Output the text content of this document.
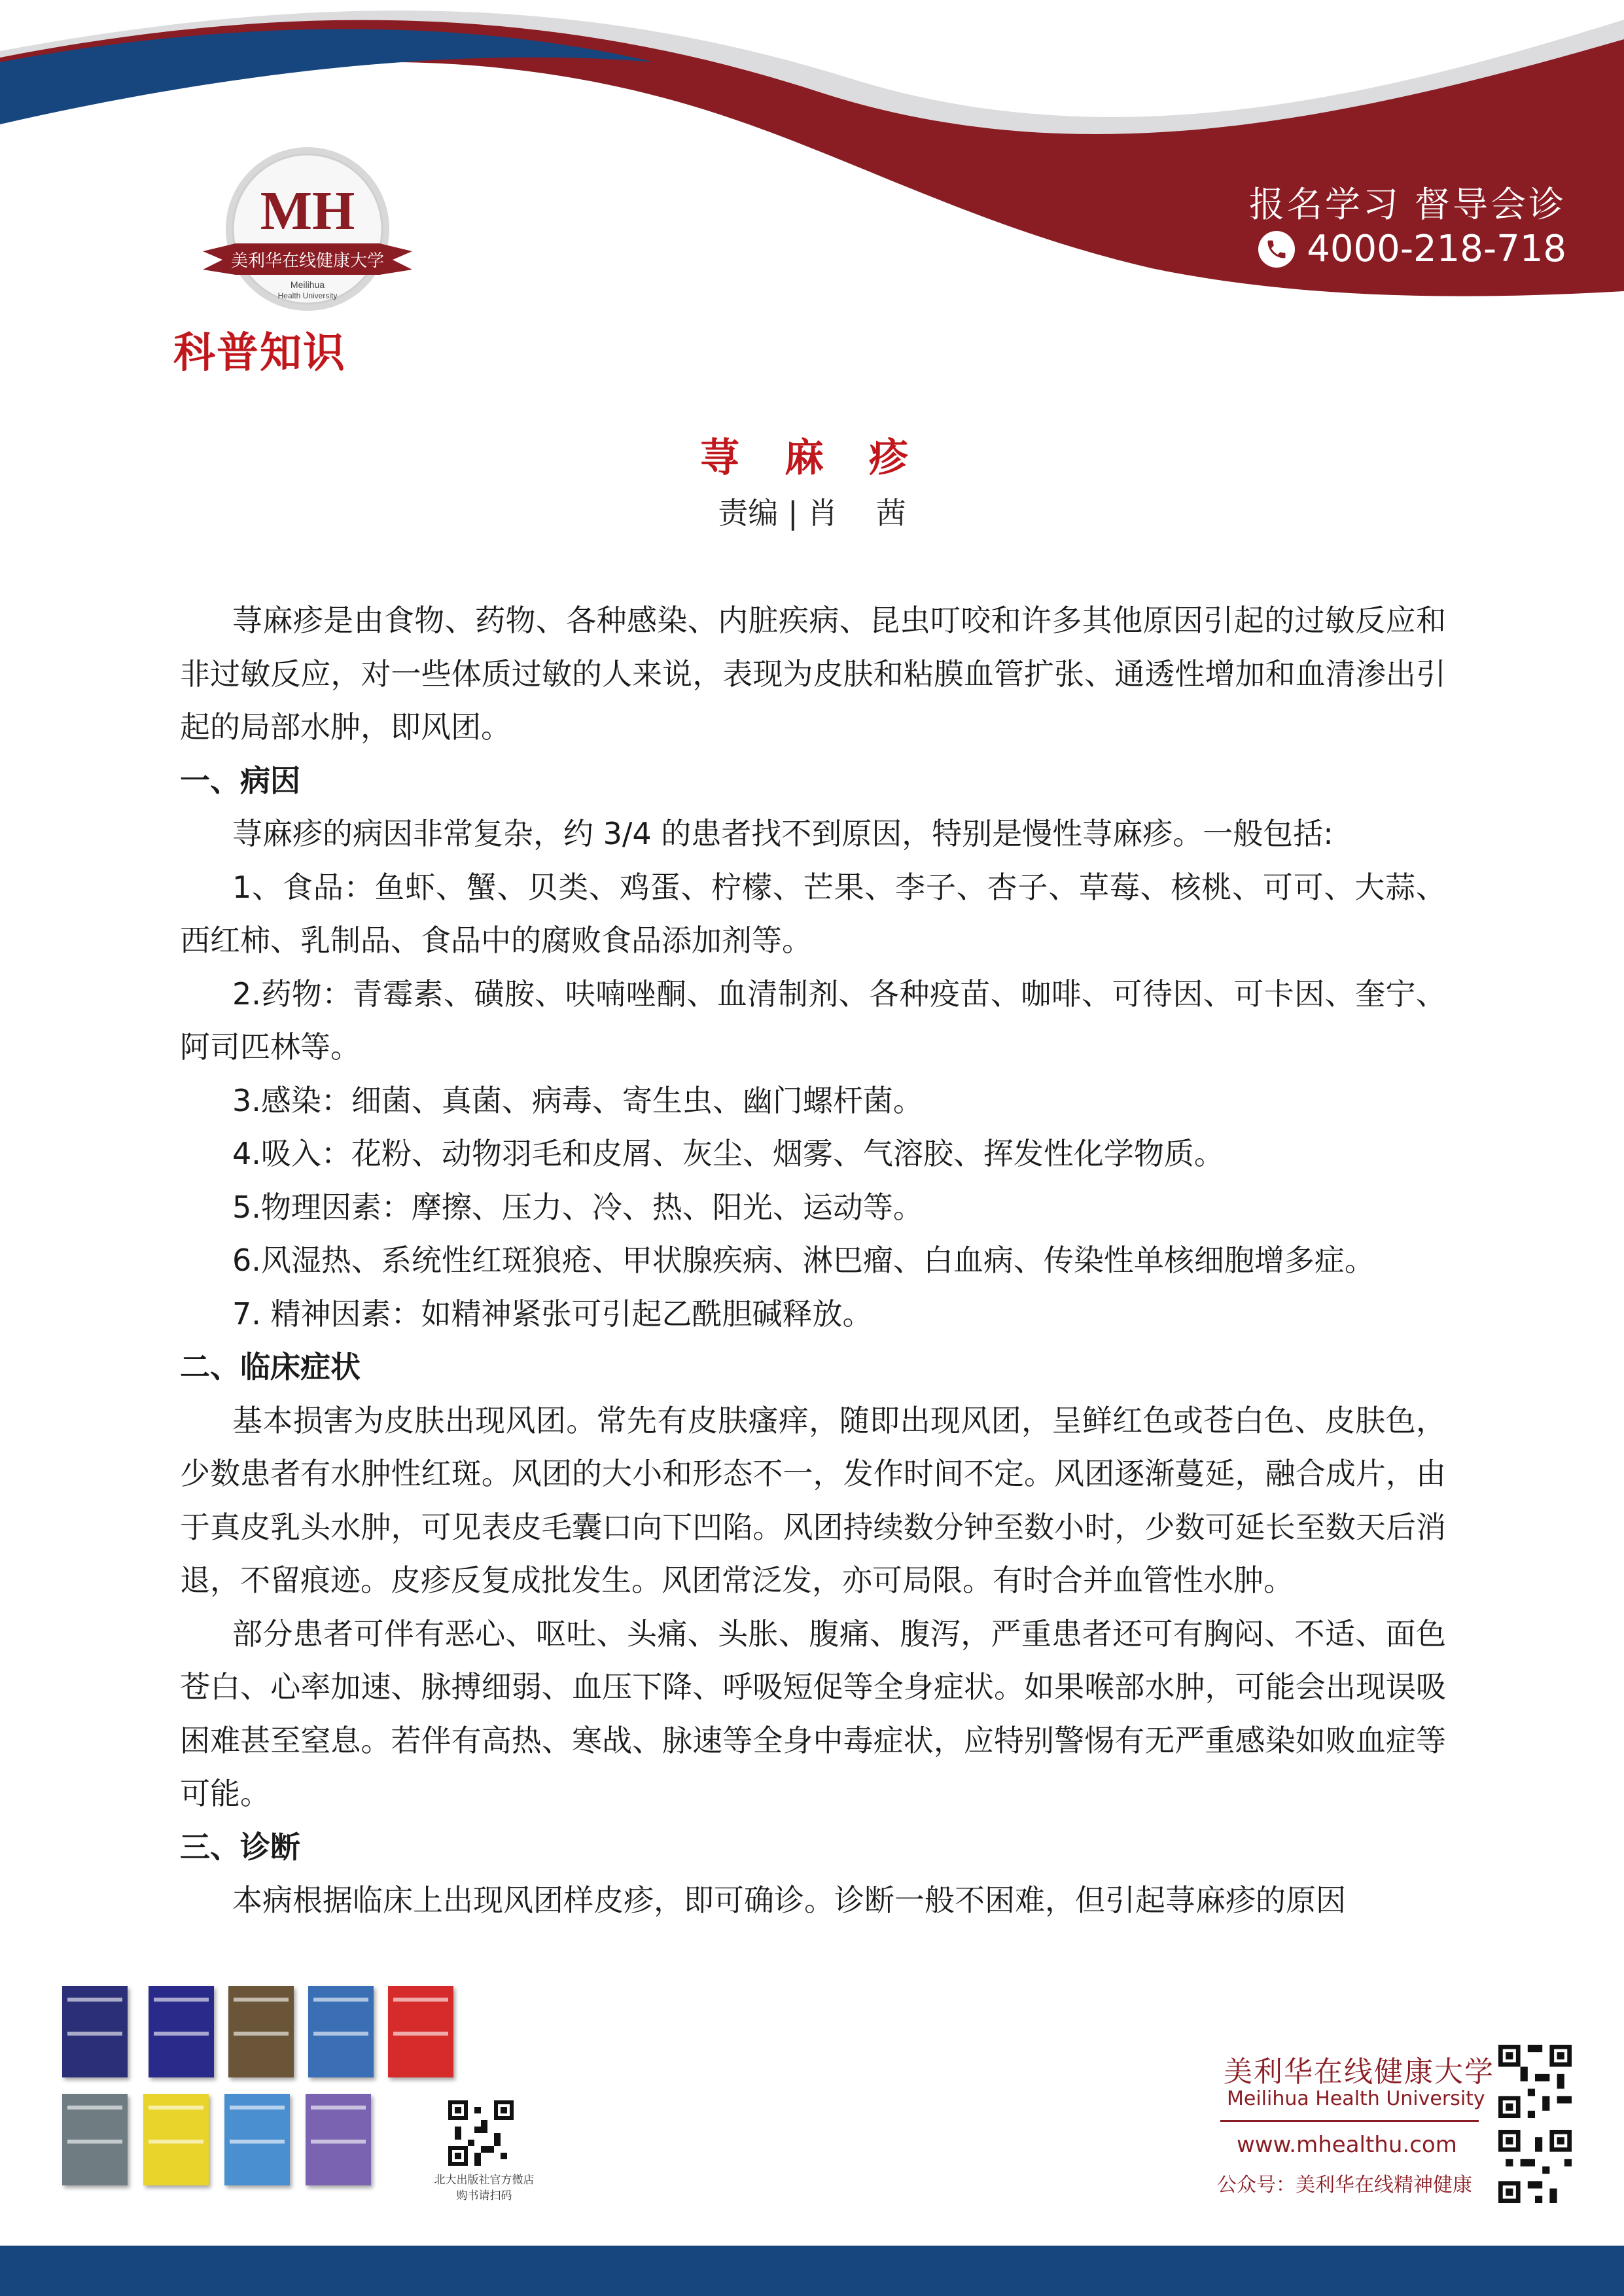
MH
美利华在线健康大学
Meilihua
Health University
报名学习 督导会诊
4000-218-718
科普知识
荨 麻 疹
责编 | 肖    茜

荨麻疹是由食物、药物、各种感染、内脏疾病、昆虫叮咬和许多其他原因引起的过敏反应和非过敏反应，对一些体质过敏的人来说，表现为皮肤和粘膜血管扩张、通透性增加和血清渗出引起的局部水肿，即风团。

一、病因

荨麻疹的病因非常复杂，约 3/4 的患者找不到原因，特别是慢性荨麻疹。一般包括:

1、食品：鱼虾、蟹、贝类、鸡蛋、柠檬、芒果、李子、杏子、草莓、核桃、可可、大蒜、西红柿、乳制品、食品中的腐败食品添加剂等。

2.药物：青霉素、磺胺、呋喃唑酮、血清制剂、各种疫苗、咖啡、可待因、可卡因、奎宁、阿司匹林等。

3.感染：细菌、真菌、病毒、寄生虫、幽门螺杆菌。

4.吸入：花粉、动物羽毛和皮屑、灰尘、烟雾、气溶胶、挥发性化学物质。

5.物理因素：摩擦、压力、冷、热、阳光、运动等。

6.风湿热、系统性红斑狼疮、甲状腺疾病、淋巴瘤、白血病、传染性单核细胞增多症。

7. 精神因素：如精神紧张可引起乙酰胆碱释放。

二、临床症状

基本损害为皮肤出现风团。常先有皮肤瘙痒，随即出现风团，呈鲜红色或苍白色、皮肤色，少数患者有水肿性红斑。风团的大小和形态不一，发作时间不定。风团逐渐蔓延，融合成片，由于真皮乳头水肿，可见表皮毛囊口向下凹陷。风团持续数分钟至数小时，少数可延长至数天后消退，不留痕迹。皮疹反复成批发生。风团常泛发，亦可局限。有时合并血管性水肿。

部分患者可伴有恶心、呕吐、头痛、头胀、腹痛、腹泻，严重患者还可有胸闷、不适、面色苍白、心率加速、脉搏细弱、血压下降、呼吸短促等全身症状。如果喉部水肿，可能会出现误吸困难甚至窒息。若伴有高热、寒战、脉速等全身中毒症状，应特别警惕有无严重感染如败血症等可能。

三、诊断

本病根据临床上出现风团样皮疹，即可确诊。诊断一般不困难，但引起荨麻疹的原因

北大出版社官方微店
购书请扫码
美利华在线健康大学
Meilihua Health University
www.mhealthu.com
公众号：美利华在线精神健康
